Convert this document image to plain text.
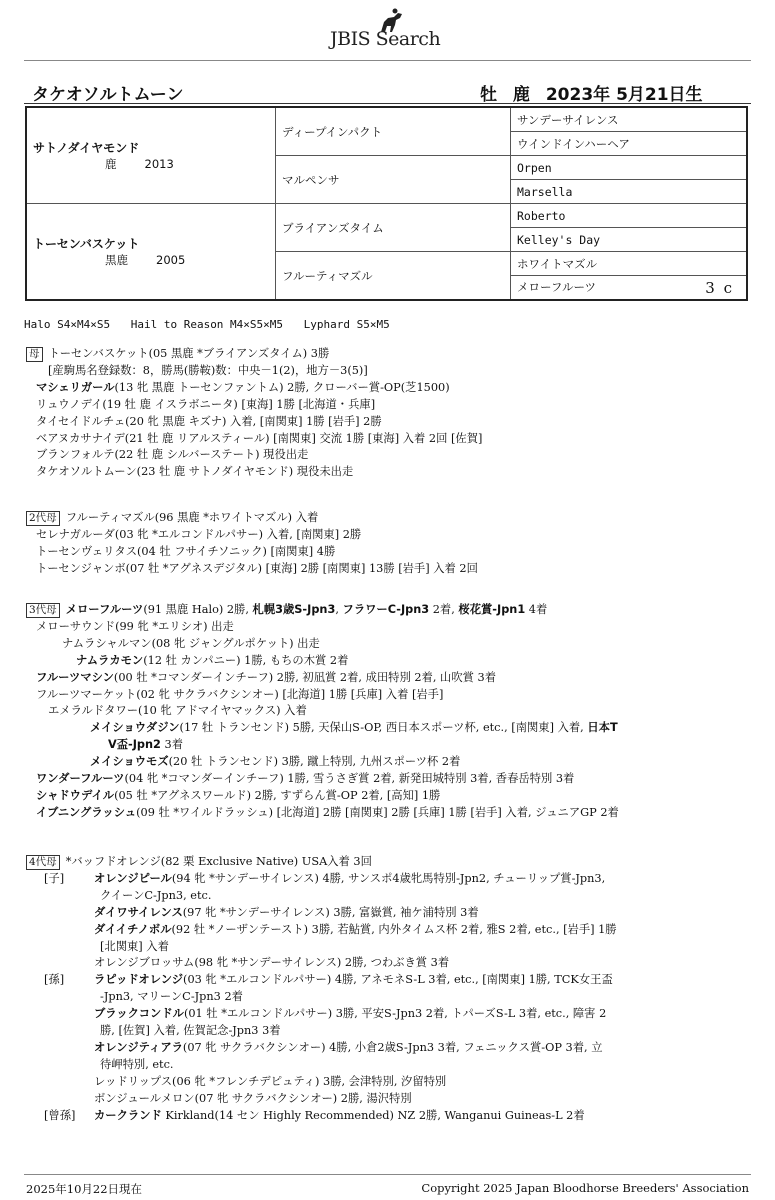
JBIS Search
タケオソルトムーン	牡 鹿 2023年 5月21日生
サトノダイヤモンド
鹿 2013	ディープインパクト	サンデーサイレンス
		ウインドインハーヘア
	マルペンサ	Orpen
		Marsella

トーセンバスケット
黒鹿 2005	ブライアンズタイム	Roberto
		Kelley's Day
	フルーティマズル	ホワイトマズル
		メローフルーツ 3 c
Halo S4×M4×S5 Hail to Reason M4×S5×M5 Lyphard S5×M5
母 トーセンバスケット(05 黒鹿 *ブライアンズタイム) 3勝
[産駒馬名登録数：8，勝馬(勝鞍)数：中央－1(2)，地方－3(5)]
マシェリガール(13 牝 黒鹿 トーセンファントム) 2勝, クローバー賞-OP(芝1500)
リュウノデイ(19 牡 鹿 イスラボニータ) [東海] 1勝 [北海道・兵庫]
タイセイドルチェ(20 牝 黒鹿 キズナ) 入着, [南関東] 1勝 [岩手] 2勝
ベアヌカサナイデ(21 牡 鹿 リアルスティール) [南関東] 交流 1勝 [東海] 入着 2回 [佐賀]
ブランフォルテ(22 牡 鹿 シルバーステート) 現役出走
タケオソルトムーン(23 牡 鹿 サトノダイヤモンド) 現役未出走
2代母 フルーティマズル(96 黒鹿 *ホワイトマズル) 入着
セレナガルーダ(03 牝 *エルコンドルパサー) 入着, [南関東] 2勝
トーセンヴェリタス(04 牡 フサイチソニック) [南関東] 4勝
トーセンジャンボ(07 牡 *アグネスデジタル) [東海] 2勝 [南関東] 13勝 [岩手] 入着 2回
3代母 メローフルーツ(91 黒鹿 Halo) 2勝, 札幌3歳S-Jpn3, フラワーC-Jpn3 2着, 桜花賞-Jpn1 4着
メローサウンド(99 牝 *エリシオ) 出走
ナムラシャルマン(08 牝 ジャングルポケット) 出走
ナムラカモン(12 牡 カンパニー) 1勝, もちの木賞 2着
フルーツマシン(00 牡 *コマンダーインチーフ) 2勝, 初凪賞 2着, 成田特別 2着, 山吹賞 3着
フルーツマーケット(02 牝 サクラバクシンオー) [北海道] 1勝 [兵庫] 入着 [岩手]
エメラルドタワー(10 牝 アドマイヤマックス) 入着
メイショウダジン(17 牡 トランセンド) 5勝, 天保山S-OP, 西日本スポーツ杯, etc., [南関東] 入着, 日本T
V盃-Jpn2 3着
メイショウモズ(20 牡 トランセンド) 3勝, 蹴上特別, 九州スポーツ杯 2着
ワンダーフルーツ(04 牝 *コマンダーインチーフ) 1勝, 雪うさぎ賞 2着, 新発田城特別 3着, 香春岳特別 3着
シャドウデイル(05 牡 *アグネスワールド) 2勝, すずらん賞-OP 2着, [高知] 1勝
イブニングラッシュ(09 牡 *ワイルドラッシュ) [北海道] 2勝 [南関東] 2勝 [兵庫] 1勝 [岩手] 入着, ジュニアGP 2着
4代母 *バッフドオレンジ(82 栗 Exclusive Native) USA入着 3回
[子]	オレンジピール(94 牝 *サンデーサイレンス) 4勝, サンスポ4歳牝馬特別-Jpn2, チューリップ賞-Jpn3,
クイーンC-Jpn3, etc.
ダイワサイレンス(97 牝 *サンデーサイレンス) 3勝, 富嶽賞, 袖ケ浦特別 3着
ダイイチノボル(92 牡 *ノーザンテースト) 3勝, 若鮎賞, 内外タイムス杯 2着, 雅S 2着, etc., [岩手] 1勝
[北関東] 入着
オレンジブロッサム(98 牝 *サンデーサイレンス) 2勝, つわぶき賞 3着
[孫]	ラピッドオレンジ(03 牝 *エルコンドルパサー) 4勝, アネモネS-L 3着, etc., [南関東] 1勝, TCK女王盃
-Jpn3, マリーンC-Jpn3 2着
ブラックコンドル(01 牡 *エルコンドルパサー) 3勝, 平安S-Jpn3 2着, トパーズS-L 3着, etc., 障害 2
勝, [佐賀] 入着, 佐賀記念-Jpn3 3着
オレンジティアラ(07 牝 サクラバクシンオー) 4勝, 小倉2歳S-Jpn3 3着, フェニックス賞-OP 3着, 立
待岬特別, etc.
レッドリップス(06 牝 *フレンチデピュティ) 3勝, 会津特別, 汐留特別
ボンジュールメロン(07 牝 サクラバクシンオー) 2勝, 湯沢特別
[曾孫] カークランド Kirkland(14 セン Highly Recommended) NZ 2勝, Wanganui Guineas-L 2着
2025年10月22日現在	Copyright 2025 Japan Bloodhorse Breeders' Association
